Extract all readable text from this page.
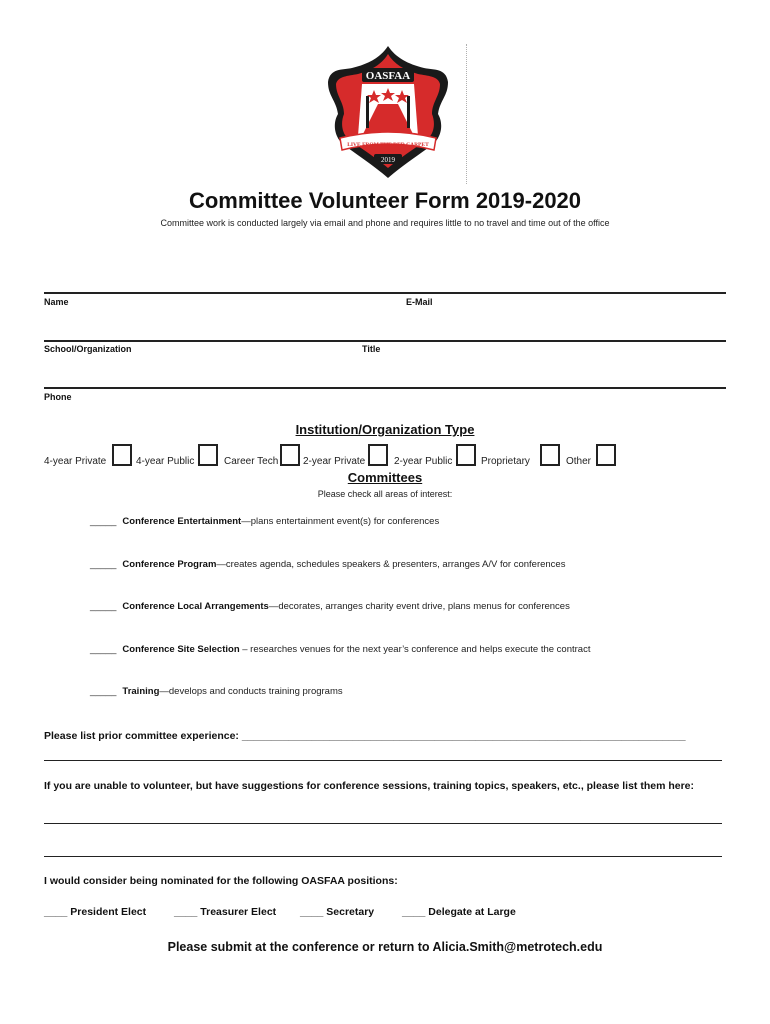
OASFAA
LIVE FROM THE RED CARPET
2019
Committee Volunteer Form 2019-2020
Committee work is conducted largely via email and phone and requires little to no travel and time out of the office
Name	E-Mail
School/Organization	Title
Phone
Institution/Organization Type
4-year Private	4-year Public	Career Tech 2-year Private	2-year Public	Proprietary	Other
Committees
Please check all areas of interest:
_____ Conference Entertainment—plans entertainment event(s) for conferences
_____ Conference Program—creates agenda, schedules speakers & presenters, arranges A/V for conferences
_____ Conference Local Arrangements—decorates, arranges charity event drive, plans menus for conferences
_____ Conference Site Selection – researches venues for the next year’s conference and helps execute the contract
_____ Training—develops and conducts training programs
Please list prior committee experience: ____________________________________________________________________________
If you are unable to volunteer, but have suggestions for conference sessions, training topics, speakers, etc., please list them here:
I would consider being nominated for the following OASFAA positions:
____ President Elect	____ Treasurer Elect ____ Secretary	____ Delegate at Large
Please submit at the conference or return to Alicia.Smith@metrotech.edu
